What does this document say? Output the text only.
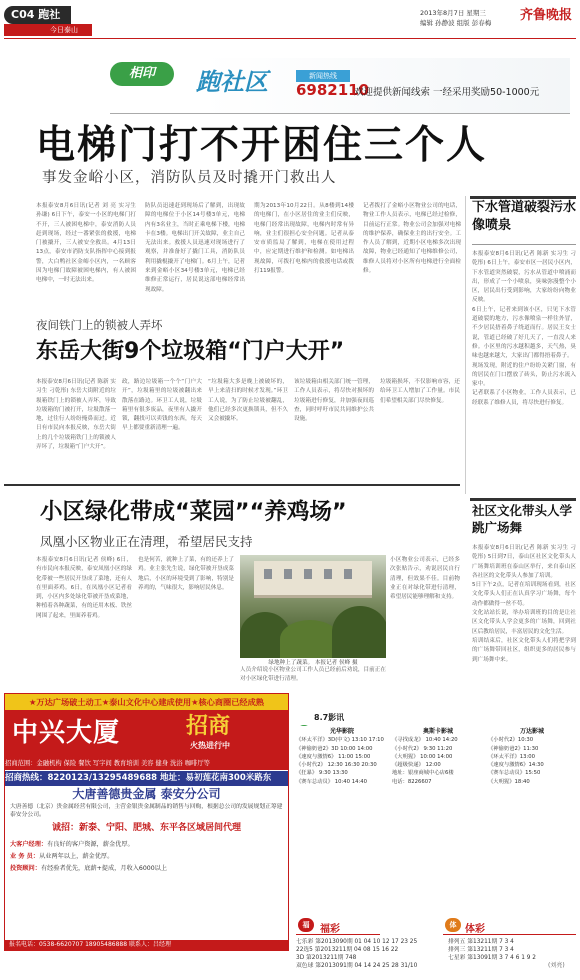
C04 跑社
今日泰山
2013年8月7日 星期三
编辑 孙静波 组版 彭春梅 齐鲁晚报
相印	跑社区	新闻热线
6982110
欢迎提供新闻线索 一经采用奖励50-1000元
电梯门打不开困住三个人
事发金峪小区，消防队员及时撬开门救出人
本报泰安8月6日讯(记者 刘 亮 实习生 孙谦) 6日下午，泰安一小区的电梯门打不开，三人被困电梯中，泰安消防人员赶到现场，经过一番紧张的救援，电梯门被撬开，三人被安全救出。4月13日13点，泰安市消防支队指挥中心接到报警，大白鸭社区金峪小区内，一名顾客因为电梯门故障被困电梯内，有人被困电梯中，一时无法出来。
防队员迅速赶到现场后了解到，出现故障的电梯位于小区14号楼3单元，电梯内有3名业主，当时正乘电梯下楼，电梯卡在3楼。电梯出门开关故障，业主自己无法出来。救援人员迅速对现场进行了观察，并准备好了撬门工具，消防队员利用撬棍撬开了电梯门。6月上午，记者来到金峪小区34号楼3单元，电梯已经维修正常运行，居民说这部电梯经常出现故障。
期为2013年10月22日。从8楼到14楼的电梯门，在小区居住的业主们反映，电梯门经常出现故障，电梯内时常有异响，业主们很担心安全问题。记者从泰安市质监局了解到，电梯在使用过程中，应定期进行维护和检测。如电梯出现故障，可拨打电梯内的救援电话或拨打119报警。
记者拨打了金峪小区物业公司的电话，物业工作人员表示，电梯已经过检修，目前运行正常。物业公司会加强对电梯的维护保养，确保业主的出行安全。工作人员了解到，近期小区电梯多次出现故障，物业已经通知了电梯维修公司，维修人员将对小区所有电梯进行全面检修。
下水管道破裂污水像喷泉

本报泰安8月6日讯(记者 陈新 实习生 刁乾彤) 6日上午，泰安市区一居民小区内，下水管道突然破裂，污水从管道中喷涌而出，形成了一个小喷泉，臭味弥漫整个小区，居民出行受到影响，大家纷纷向物业反映。

6日上午，记者来到该小区，只见下水管道破裂的地方，污水像喷泉一样往外冒，不少居民捂着鼻子绕道而行。居民王女士说，管道已经破了好几天了，一直没人来修。小区里的污水越积越多，天气热，臭味也越来越大，大家出门都得捂着鼻子。

现场发现，附近的住户纷纷关紧门窗，有的居民在门口摆放了砖头，防止污水流入家中。

记者联系了小区物业，工作人员表示，已经联系了维修人员，将尽快进行修复。

夜间铁门上的锁被人弄坏
东岳大街9个垃圾箱“门户大开”
本报泰安8月6日讯(记者 陈新 实习生 刁乾彤) 东岳大街附近的垃圾箱铁门上的锁被人弄坏，导致垃圾箱的门被打开，垃圾散落一地，过往行人纷纷掩鼻而过。近日有市民向本报反映，东岳大街上的几个垃圾箱铁门上的锁被人弄坏了，垃圾箱“门户大开”。
政，路边垃圾箱一个个“门户大开”，垃圾箱里的垃圾被翻出来散落在路边。环卫工人说，垃圾箱里有很多废品，夜里有人撬开锁，翻找可以卖钱的东西，每天早上都要重新清理一遍。
“垃圾箱大多是晚上被破坏的，早上来清扫的时候才发现。”环卫工人说，为了防止垃圾被翻乱，他们已经多次更换锁具，但不久又会被撬坏。
该垃圾箱由相关部门统一管理，工作人员表示，将尽快对损坏的垃圾箱进行修复，并加强夜间巡查，同时呼吁市民共同维护公共设施。
垃圾箱损坏，不仅影响市容，还给环卫工人增加了工作量。市民们希望相关部门尽快修复。
小区绿化带成“菜园”“养鸡场”
凤凰小区物业正在清理，希望居民支持
本报泰安8月6日讯(记者 侯峰) 6日，有市民向本报反映，泰安凤凰小区的绿化带被一些居民开垦成了菜地，还有人在里面养鸡。6日，在凤凰小区记者看到，小区内多处绿化带被开垦成菜地，种植着各种蔬菜，有的还用木板、铁丝网围了起来，里面养着鸡。
也是何苦，就种上了菜，有的还养上了鸡。业主张先生说，绿化带被开垦成菜地后，小区的环境受到了影响，特别是养鸡的，气味很大，影响居民休息。
小区物业公司表示，已经多次张贴告示，劝说居民自行清理，但效果不佳。目前物业正在对绿化带进行清理，希望居民能够理解和支持。
人员介绍说小区物业公司工作人员已经前后劝说，目前正在对小区绿化带进行清理。
绿地种上了蔬菜。 本报记者 侯峰 摄
社区文化带头人学跳广场舞

本报泰安8月6日讯(记者 陈新 实习生 刁乾彤) 5日到7日，泰山区社区文化带头人广场舞培训班在泰山区举行，来自泰山区各社区的文化带头人参加了培训。

5日下午2点，记者在培训现场看到，社区文化带头人们正在认真学习广场舞，每个动作都做得一丝不苟。

文化站站长说，举办培训班的目的是让社区文化带头人学会更多的广场舞，回到社区后教给居民，丰富居民的文化生活。

培训结束后，社区文化带头人们将把学到的广场舞带回社区，组织更多的居民参与到广场舞中来。

★万达广场破土动工★泰山文化中心建成使用★核心商圈已经成熟
中兴大厦	招商
火热进行中
招商范围：金融机构 保险 餐饮 写字间 教育培训 美容 健身 洗浴 咖啡厅等
招商热线：8220123/13295489688 地址：易初莲花南300米路东
大唐善德贵金属 泰安分公司
大唐善德（北京）贵金属经营有限公司，主营金银贵金属制品的销售与回购，根据总公司的发展规划正筹建泰安分公司。
诚招：新泰、宁阳、肥城、东平各区域居间代理
大客户经理：有良好的客户资源，薪金优厚。
业 务 员：从业两年以上，薪金优厚。
投资顾问：有经验者优先，底薪+提成，月收入6000以上
报名电话：0538-6620707 18905486888 联系人：吕经理
8.7影讯
光华影院
《环太平洋》3D(中文) 13:10 17:10
《神偷奶爸2》3D 10:00 14:00
《速度与激情6》 11:00 15:00
《小时代2》 12:30 16:30 20:30
《狂暴》 9:30 13:30
《赛车总动员》 10:40 14:40
奥斯卡影城
《寻找成龙》 10:40 14:20
《小时代2》 9:30 11:20
《大明猩》 10:00 14:00
《超级快递》 12:00
地址：银座商城中心店6楼
电话：8226607
万达影城
《小时代2》10:30
《神偷奶爸2》11:30
《环太平洋》13:00
《速度与激情6》14:30
《赛车总动员》15:50
《大明猩》18:40
福	福彩
七乐彩 第2013090期 01 04 10 12 17 23 25
22选5 第2013211期 04 08 15 16 22
3D 第2013211期 748
双色球 第2013091期 04 14 24 25 28 31/10
体 体彩
排列五 第13211期 7 3 4
排列三 第13211期 7 3 4
七星彩 第13091期 3 7 4 6 1 9 2
(刘亮)
